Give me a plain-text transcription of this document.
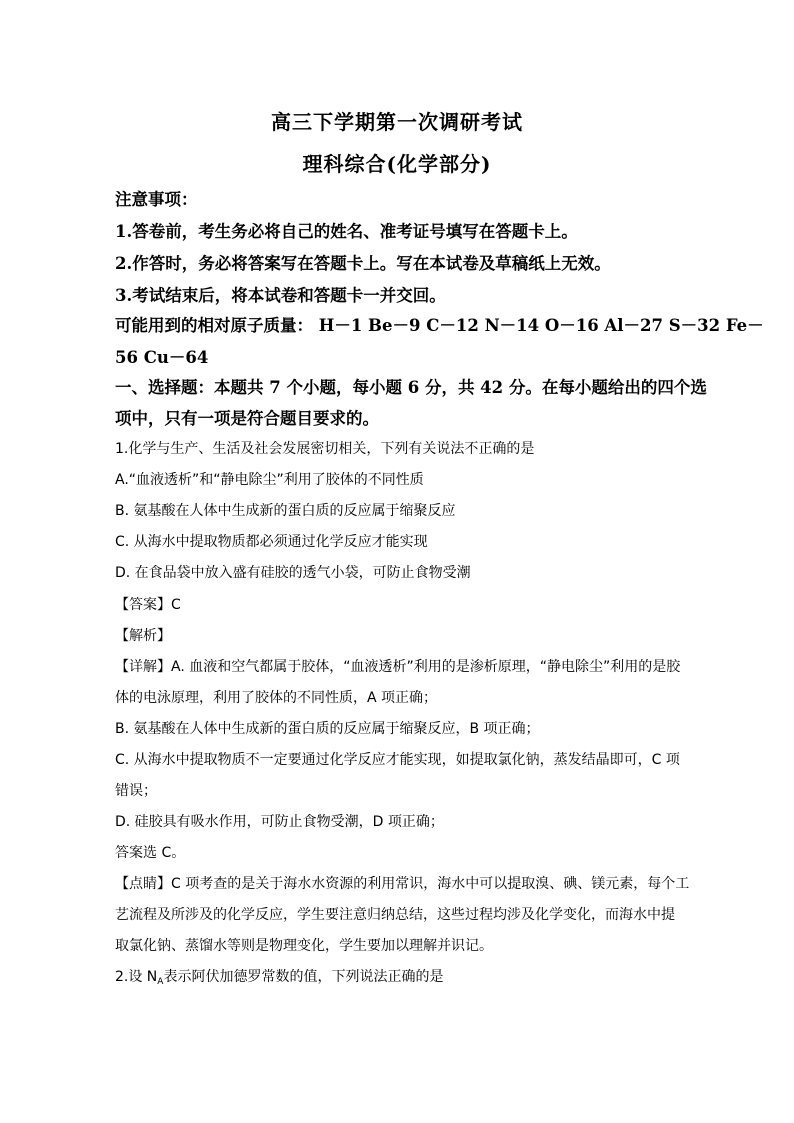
高三下学期第一次调研考试
理科综合(化学部分)
注意事项：
1.答卷前，考生务必将自己的姓名、准考证号填写在答题卡上。
2.作答时，务必将答案写在答题卡上。写在本试卷及草稿纸上无效。
3.考试结束后，将本试卷和答题卡一并交回。
可能用到的相对原子质量： H－1 Be－9 C－12 N－14 O－16 Al－27 S－32 Fe－
56 Cu－64
一、选择题：本题共 7 个小题，每小题 6 分，共 42 分。在每小题给出的四个选
项中，只有一项是符合题目要求的。
1.化学与生产、生活及社会发展密切相关，下列有关说法不正确的是
A.“血液透析”和“静电除尘”利用了胶体的不同性质
B. 氨基酸在人体中生成新的蛋白质的反应属于缩聚反应
C. 从海水中提取物质都必须通过化学反应才能实现
D. 在食品袋中放入盛有硅胶的透气小袋，可防止食物受潮
【答案】C
【解析】
【详解】A. 血液和空气都属于胶体，“血液透析”利用的是渗析原理，“静电除尘”利用的是胶
体的电泳原理，利用了胶体的不同性质，A 项正确；
B. 氨基酸在人体中生成新的蛋白质的反应属于缩聚反应，B 项正确；
C. 从海水中提取物质不一定要通过化学反应才能实现，如提取氯化钠，蒸发结晶即可，C 项
错误；
D. 硅胶具有吸水作用，可防止食物受潮，D 项正确；
答案选 C。
【点睛】C 项考查的是关于海水水资源的利用常识，海水中可以提取溴、碘、镁元素，每个工
艺流程及所涉及的化学反应，学生要注意归纳总结，这些过程均涉及化学变化，而海水中提
取氯化钠、蒸馏水等则是物理变化，学生要加以理解并识记。
2.设 $N_A$表示阿伏加德罗常数的值，下列说法正确的是
